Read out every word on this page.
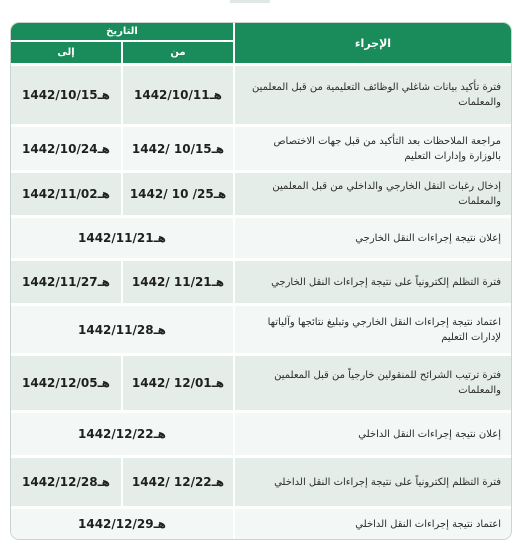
الإجراء
التاريخ
من
إلى
فترة تأكيد بيانات شاغلي الوظائف التعليمية من قبل المعلمين والمعلمات
1442/10/11هـ
1442/10/15هـ
مراجعة الملاحظات بعد التأكيد من قبل جهات الاختصاص بالوزارة وإدارات التعليم
1442/ 10/15هـ
1442/10/24هـ
إدخال رغبات النقل الخارجي والداخلي من قبل المعلمين والمعلمات
1442/ 10 /25هـ
1442/11/02هـ
إعلان نتيجة إجراءات النقل الخارجي
1442/11/21هـ
فترة التظلم إلكترونياً على نتيجة إجراءات النقل الخارجي
1442/ 11/21هـ
1442/11/27هـ
اعتماد نتيجة إجراءات النقل الخارجي وتبليغ نتائجها وآلياتها لإدارات التعليم
1442/11/28هـ
فترة ترتيب الشرائح للمنقولين خارجياً من قبل المعلمين والمعلمات
1442/ 12/01هـ
1442/12/05هـ
إعلان نتيجة إجراءات النقل الداخلي
1442/12/22هـ
فترة التظلم إلكترونياً على نتيجة إجراءات النقل الداخلي
1442/ 12/22هـ
1442/12/28هـ
اعتماد نتيجة إجراءات النقل الداخلي
1442/12/29هـ
